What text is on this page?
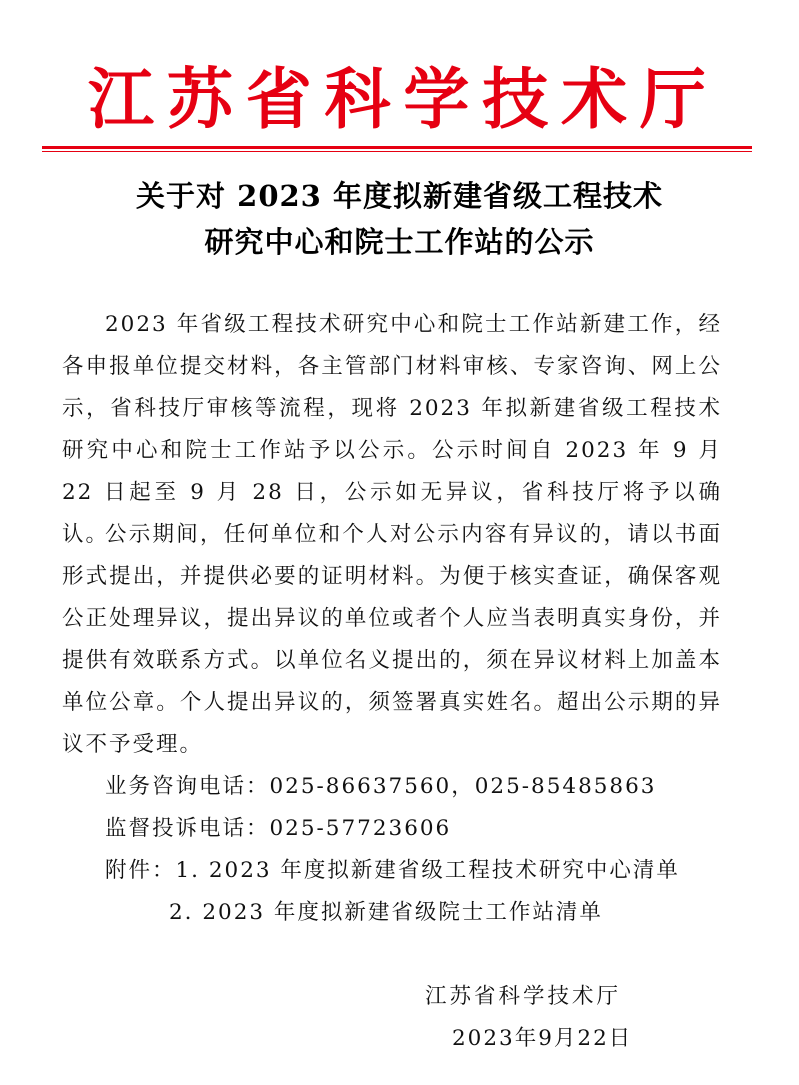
江 苏 省 科 学 技 术 厅
关于对 2023 年度拟新建省级工程技术
研究中心和院士工作站的公示
2023 年省级工程技术研究中心和院士工作站新建工作，经各申报单位提交材料，各主管部门材料审核、专家咨询、网上公示，省科技厅审核等流程，现将 2023 年拟新建省级工程技术研究中心和院士工作站予以公示。公示时间自 2023 年 9 月 22 日起至 9 月 28 日，公示如无异议，省科技厅将予以确认。
公示期间，任何单位和个人对公示内容有异议的，请以书面形式提出，并提供必要的证明材料。为便于核实查证，确保客观公正处理异议，提出异议的单位或者个人应当表明真实身份，并提供有效联系方式。以单位名义提出的，须在异议材料上加盖本单位公章。个人提出异议的，须签署真实姓名。超出公示期的异议不予受理。
业务咨询电话：025-86637560，025-85485863
监督投诉电话：025-57723606
附件：1. 2023 年度拟新建省级工程技术研究中心清单
2. 2023 年度拟新建省级院士工作站清单
江苏省科学技术厅
2023年9月22日
